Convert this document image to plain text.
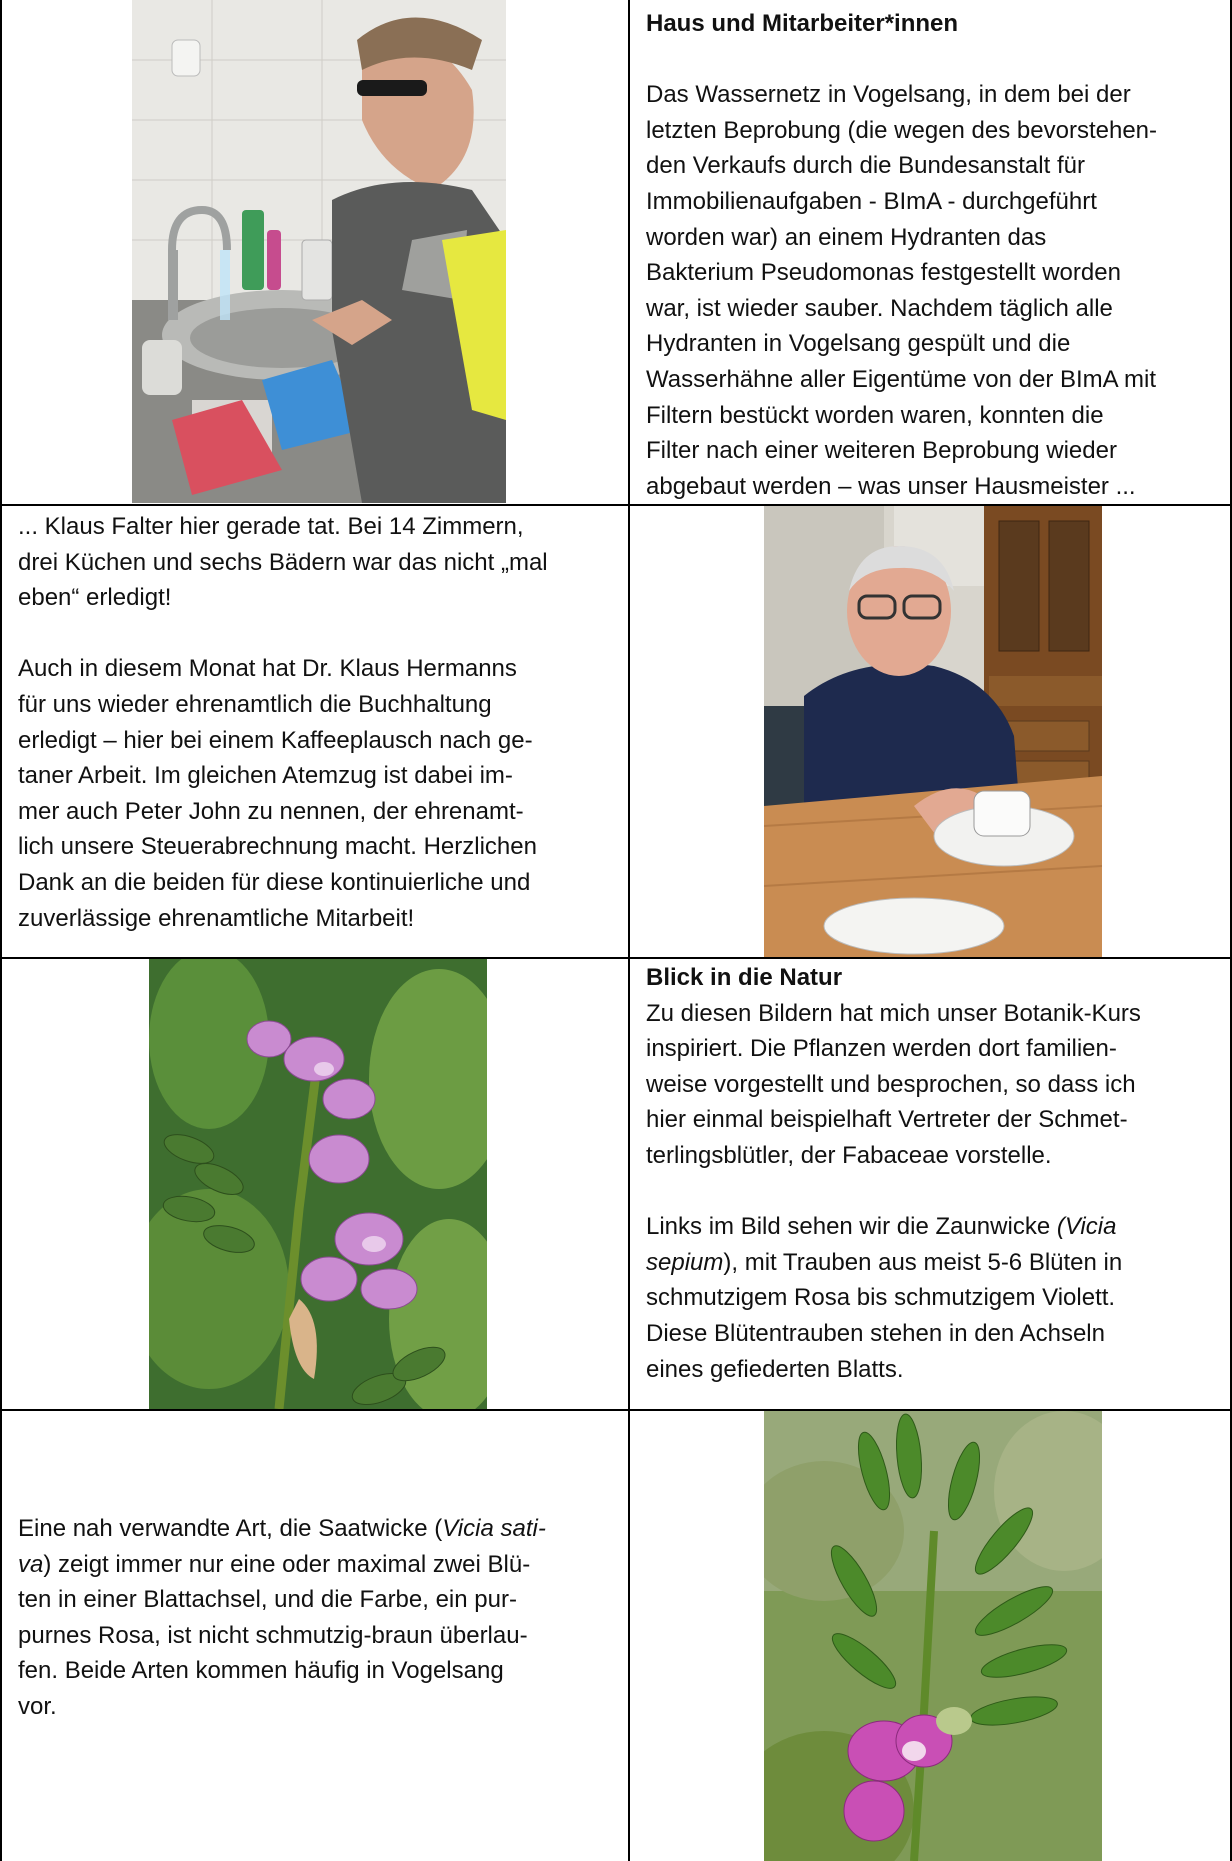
Haus und Mitarbeiter*innen

Das Wassernetz in Vogelsang, in dem bei der

letzten Beprobung (die wegen des bevorstehen-

den Verkaufs durch die Bundesanstalt für

Immobilienaufgaben - BImA - durchgeführt

worden war) an einem Hydranten das

Bakterium Pseudomonas festgestellt worden

war, ist wieder sauber. Nachdem täglich alle

Hydranten in Vogelsang gespült und die

Wasserhähne aller Eigentüme von der BImA mit

Filtern bestückt worden waren, konnten die

Filter nach einer weiteren Beprobung wieder

abgebaut werden – was unser Hausmeister ...

... Klaus Falter hier gerade tat. Bei 14 Zimmern,

drei Küchen und sechs Bädern war das nicht „mal

eben“ erledigt!

Auch in diesem Monat hat Dr. Klaus Hermanns

für uns wieder ehrenamtlich die Buchhaltung

erledigt – hier bei einem Kaffeeplausch nach ge-

taner Arbeit. Im gleichen Atemzug ist dabei im-

mer auch Peter John zu nennen, der ehrenamt-

lich unsere Steuerabrechnung macht. Herzlichen

Dank an die beiden für diese kontinuierliche und

zuverlässige ehrenamtliche Mitarbeit!

Blick in die Natur

Zu diesen Bildern hat mich unser Botanik-Kurs

inspiriert. Die Pflanzen werden dort familien-

weise vorgestellt und besprochen, so dass ich

hier einmal beispielhaft Vertreter der Schmet-

terlingsblütler, der Fabaceae vorstelle.

Links im Bild sehen wir die Zaunwicke (Vicia

sepium), mit Trauben aus meist 5-6 Blüten in

schmutzigem Rosa bis schmutzigem Violett.

Diese Blütentrauben stehen in den Achseln

eines gefiederten Blatts.

Eine nah verwandte Art, die Saatwicke (Vicia sati-

va) zeigt immer nur eine oder maximal zwei Blü-

ten in einer Blattachsel, und die Farbe, ein pur-

purnes Rosa, ist nicht schmutzig-braun überlau-

fen. Beide Arten kommen häufig in Vogelsang

vor.
